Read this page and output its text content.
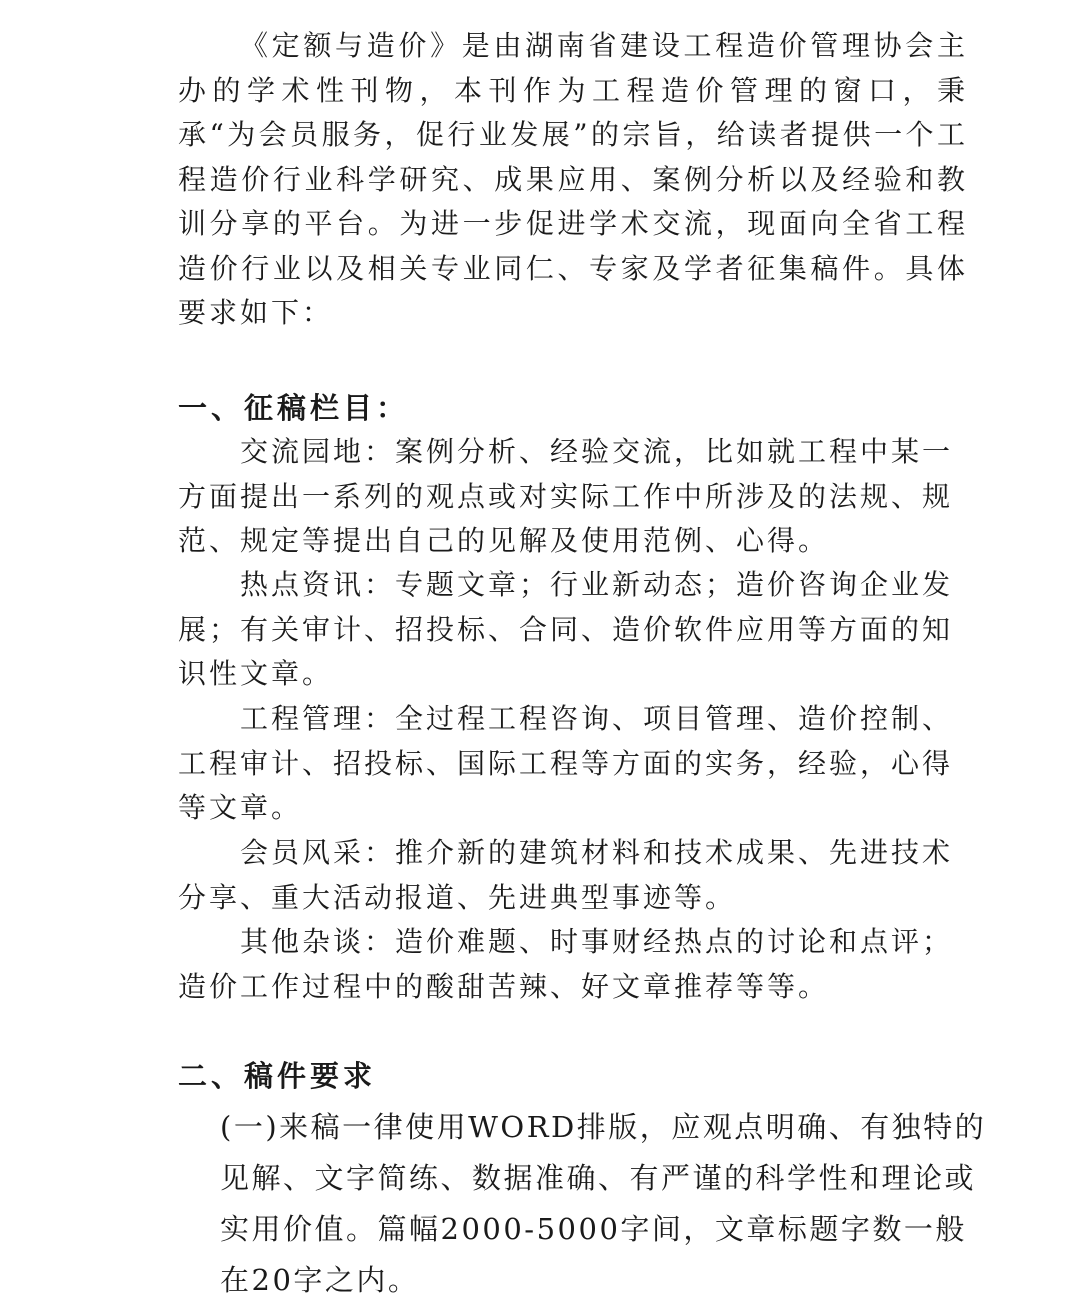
《定额与造价》是由湖南省建设工程造价管理协会主办的学术性刊物，本刊作为工程造价管理的窗口，秉承“为会员服务，促行业发展”的宗旨，给读者提供一个工程造价行业科学研究、成果应用、案例分析以及经验和教训分享的平台。为进一步促进学术交流，现面向全省工程造价行业以及相关专业同仁、专家及学者征集稿件。具体要求如下：

一、征稿栏目：

交流园地：案例分析、经验交流，比如就工程中某一方面提出一系列的观点或对实际工作中所涉及的法规、规范、规定等提出自己的见解及使用范例、心得。

热点资讯：专题文章；行业新动态；造价咨询企业发展；有关审计、招投标、合同、造价软件应用等方面的知识性文章。

工程管理：全过程工程咨询、项目管理、造价控制、工程审计、招投标、国际工程等方面的实务，经验，心得等文章。

会员风采：推介新的建筑材料和技术成果、先进技术分享、重大活动报道、先进典型事迹等。

其他杂谈：造价难题、时事财经热点的讨论和点评；造价工作过程中的酸甜苦辣、好文章推荐等等。

二、稿件要求

(一)来稿一律使用WORD排版，应观点明确、有独特的见解、文字简练、数据准确、有严谨的科学性和理论或实用价值。篇幅2000-5000字间，文章标题字数一般在20字之内。
